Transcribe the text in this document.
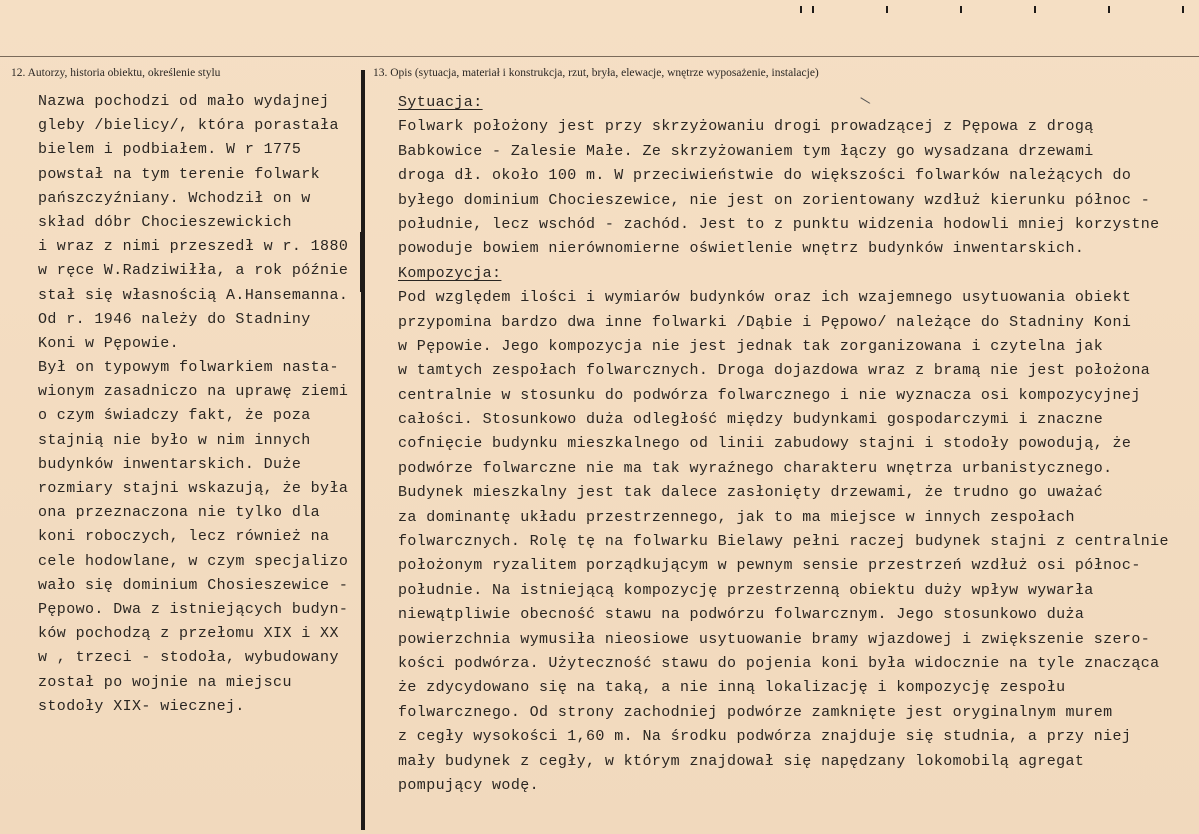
12. Autorzy, historia obiektu, określenie stylu	13. Opis (sytuacja, materiał i konstrukcja, rzut, bryła, elewacje, wnętrze wyposażenie, instalacje)
\
Nazwa pochodzi od mało wydajnej
gleby /bielicy/, która porastała
bielem i podbiałem. W r 1775
powstał na tym terenie folwark
pańszczyźniany. Wchodził on w
skład dóbr Chocieszewickich
i wraz z nimi przeszedł w r. 1880
w ręce W.Radziwiłła, a rok późnie
stał się własnością A.Hansemanna.
Od r. 1946 należy do Stadniny
Koni w Pępowie.
Był on typowym folwarkiem nasta-
wionym zasadniczo na uprawę ziemi
o czym świadczy fakt, że poza
stajnią nie było w nim innych
budynków inwentarskich. Duże
rozmiary stajni wskazują, że była
ona przeznaczona nie tylko dla
koni roboczych, lecz również na
cele hodowlane, w czym specjalizo
wało się dominium Chosieszewice -
Pępowo. Dwa z istniejących budyn-
ków pochodzą z przełomu XIX i XX
w , trzeci - stodoła, wybudowany
został po wojnie na miejscu
stodoły XIX- wiecznej.
Sytuacja:
Folwark położony jest przy skrzyżowaniu drogi prowadzącej z Pępowa z drogą
Babkowice - Zalesie Małe. Ze skrzyżowaniem tym łączy go wysadzana drzewami
droga dł. około 100 m. W przeciwieństwie do większości folwarków należących do
byłego dominium Chocieszewice, nie jest on zorientowany wzdłuż kierunku północ -
południe, lecz wschód - zachód. Jest to z punktu widzenia hodowli mniej korzystne
powoduje bowiem nierównomierne oświetlenie wnętrz budynków inwentarskich.
Kompozycja:
Pod względem ilości i wymiarów budynków oraz ich wzajemnego usytuowania obiekt
przypomina bardzo dwa inne folwarki /Dąbie i Pępowo/ należące do Stadniny Koni
w Pępowie. Jego kompozycja nie jest jednak tak zorganizowana i czytelna jak
w tamtych zespołach folwarcznych. Droga dojazdowa wraz z bramą nie jest położona
centralnie w stosunku do podwórza folwarcznego i nie wyznacza osi kompozycyjnej
całości. Stosunkowo duża odległość między budynkami gospodarczymi i znaczne
cofnięcie budynku mieszkalnego od linii zabudowy stajni i stodoły powodują, że
podwórze folwarczne nie ma tak wyraźnego charakteru wnętrza urbanistycznego.
Budynek mieszkalny jest tak dalece zasłonięty drzewami, że trudno go uważać
za dominantę układu przestrzennego, jak to ma miejsce w innych zespołach
folwarcznych. Rolę tę na folwarku Bielawy pełni raczej budynek stajni z centralnie
położonym ryzalitem porządkującym w pewnym sensie przestrzeń wzdłuż osi północ-
południe. Na istniejącą kompozycję przestrzenną obiektu duży wpływ wywarła
niewątpliwie obecność stawu na podwórzu folwarcznym. Jego stosunkowo duża
powierzchnia wymusiła nieosiowe usytuowanie bramy wjazdowej i zwiększenie szero-
kości podwórza. Użyteczność stawu do pojenia koni była widocznie na tyle znacząca
że zdycydowano się na taką, a nie inną lokalizację i kompozycję zespołu
folwarcznego. Od strony zachodniej podwórze zamknięte jest oryginalnym murem
z cegły wysokości 1,60 m. Na środku podwórza znajduje się studnia, a przy niej
mały budynek z cegły, w którym znajdował się napędzany lokomobilą agregat
pompujący wodę.
